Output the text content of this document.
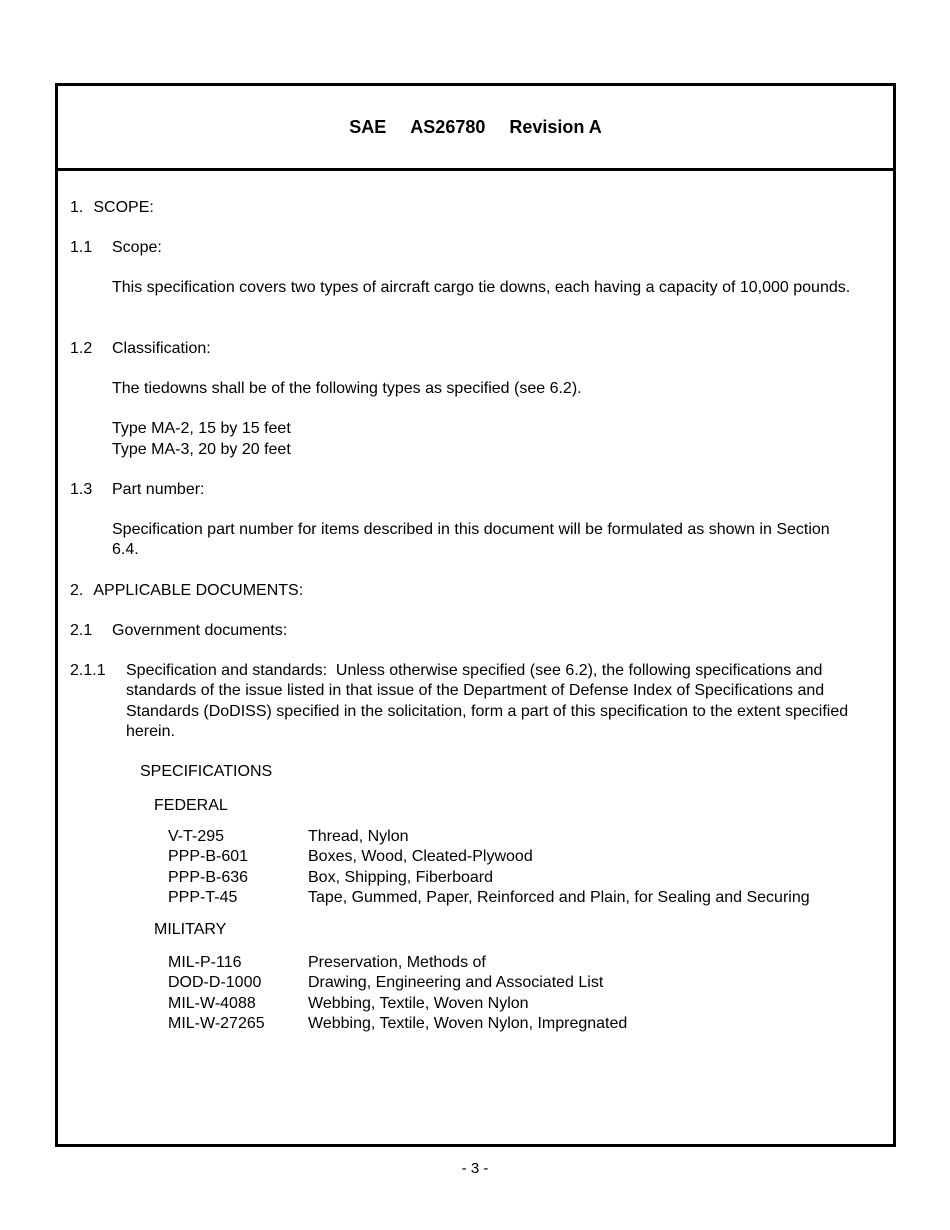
SAE AS26780 Revision A
1. SCOPE:
1.1 Scope:
This specification covers two types of aircraft cargo tie downs, each having a capacity of 10,000 pounds.
1.2 Classification:
The tiedowns shall be of the following types as specified (see 6.2).
Type MA-2, 15 by 15 feet
Type MA-3, 20 by 20 feet
1.3 Part number:
Specification part number for items described in this document will be formulated as shown in Section 6.4.
2. APPLICABLE DOCUMENTS:
2.1 Government documents:
2.1.1 Specification and standards:  Unless otherwise specified (see 6.2), the following specifications and standards of the issue listed in that issue of the Department of Defense Index of Specifications and Standards (DoDISS) specified in the solicitation, form a part of this specification to the extent specified herein.
SPECIFICATIONS
FEDERAL
V-T-295	Thread, Nylon
PPP-B-601	Boxes, Wood, Cleated-Plywood
PPP-B-636	Box, Shipping, Fiberboard
PPP-T-45	Tape, Gummed, Paper, Reinforced and Plain, for Sealing and Securing
MILITARY
MIL-P-116	Preservation, Methods of
DOD-D-1000	Drawing, Engineering and Associated List
MIL-W-4088	Webbing, Textile, Woven Nylon
MIL-W-27265	Webbing, Textile, Woven Nylon, Impregnated
- 3 -
